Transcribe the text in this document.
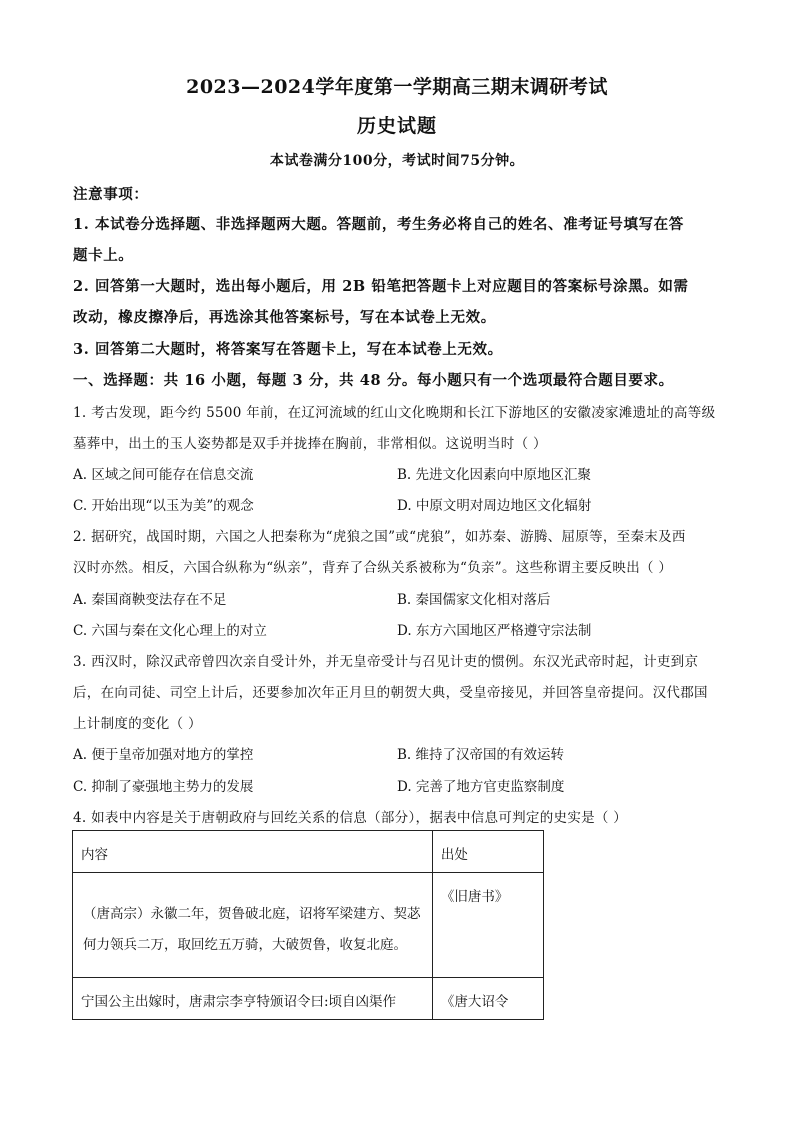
2023—2024学年度第一学期高三期末调研考试
历史试题
本试卷满分100分，考试时间75分钟。
注意事项：
1. 本试卷分选择题、非选择题两大题。答题前，考生务必将自己的姓名、准考证号填写在答
题卡上。
2. 回答第一大题时，选出每小题后，用 2B 铅笔把答题卡上对应题目的答案标号涂黑。如需
改动，橡皮擦净后，再选涂其他答案标号，写在本试卷上无效。
3. 回答第二大题时，将答案写在答题卡上，写在本试卷上无效。
一、选择题：共 16 小题，每题 3 分，共 48 分。每小题只有一个选项最符合题目要求。
1. 考古发现，距今约 5500 年前，在辽河流域的红山文化晚期和长江下游地区的安徽凌家滩遗址的高等级
墓葬中，出土的玉人姿势都是双手并拢捧在胸前，非常相似。这说明当时（ ）
A. 区域之间可能存在信息交流	B. 先进文化因素向中原地区汇聚
C. 开始出现“以玉为美”的观念	D. 中原文明对周边地区文化辐射
2. 据研究，战国时期，六国之人把秦称为“虎狼之国”或“虎狼”，如苏秦、游腾、屈原等，至秦末及西
汉时亦然。相反，六国合纵称为“纵亲”，背弃了合纵关系被称为“负亲”。这些称谓主要反映出（ ）
A. 秦国商鞅变法存在不足	B. 秦国儒家文化相对落后
C. 六国与秦在文化心理上的对立	D. 东方六国地区严格遵守宗法制
3. 西汉时，除汉武帝曾四次亲自受计外，并无皇帝受计与召见计吏的惯例。东汉光武帝时起，计吏到京
后，在向司徒、司空上计后，还要参加次年正月旦的朝贺大典，受皇帝接见，并回答皇帝提问。汉代郡国
上计制度的变化（ ）
A. 便于皇帝加强对地方的掌控	B. 维持了汉帝国的有效运转
C. 抑制了豪强地主势力的发展	D. 完善了地方官吏监察制度
4. 如表中内容是关于唐朝政府与回纥关系的信息（部分），据表中信息可判定的史实是（ ）
内容	出处

（唐高宗）永徽二年，贺鲁破北庭，诏将军梁建方、契苾
何力领兵二万，取回纥五万骑，大破贺鲁，收复北庭。	《旧唐书》

宁国公主出嫁时，唐肃宗李亨特颁诏令曰:顷自凶渠作	《唐大诏令
